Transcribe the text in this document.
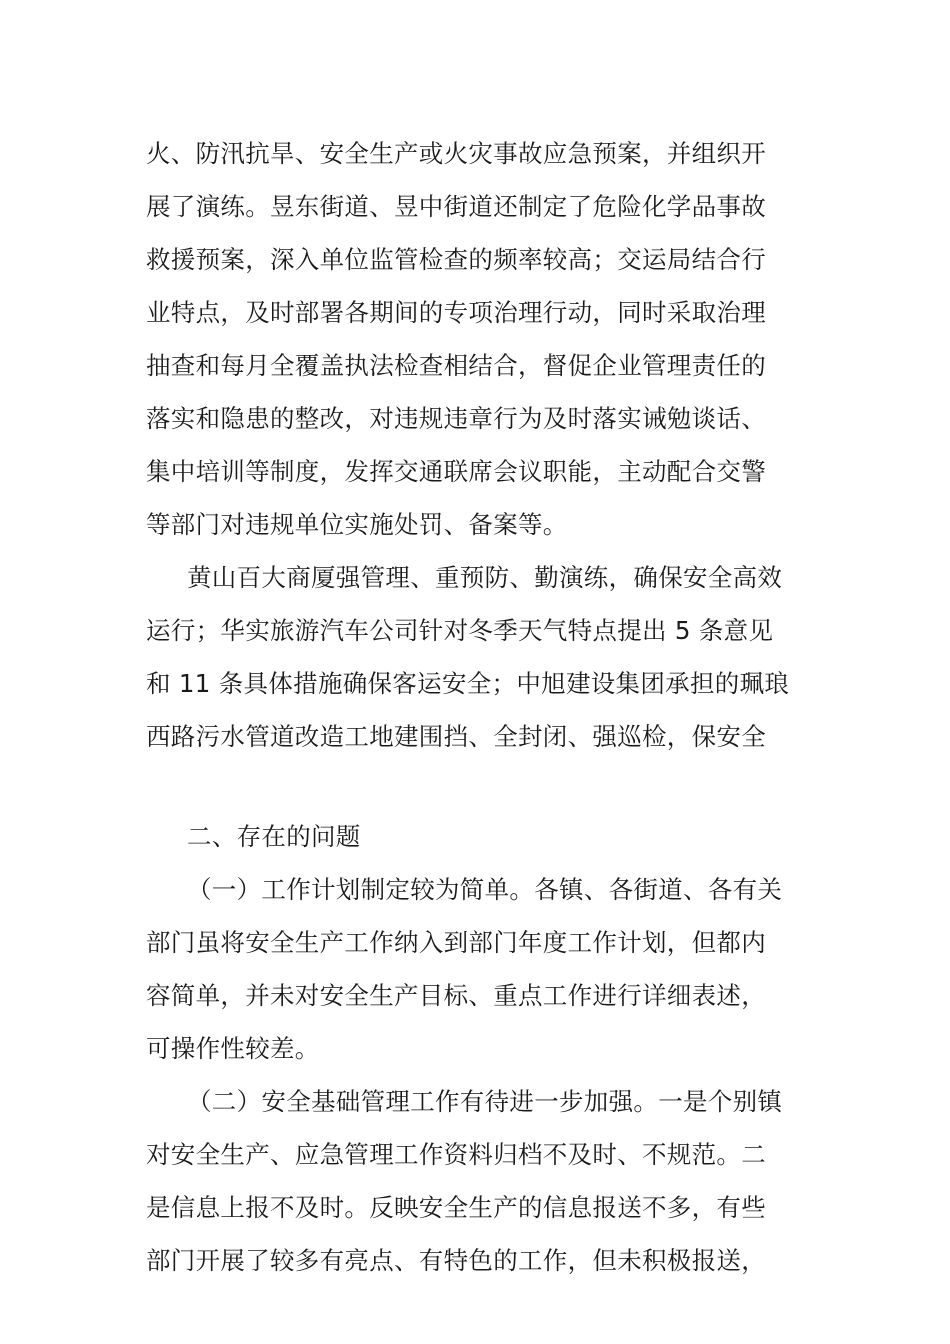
火、防汛抗旱、安全生产或火灾事故应急预案，并组织开
展了演练。昱东街道、昱中街道还制定了危险化学品事故
救援预案，深入单位监管检查的频率较高；交运局结合行
业特点，及时部署各期间的专项治理行动，同时采取治理
抽查和每月全覆盖执法检查相结合，督促企业管理责任的
落实和隐患的整改，对违规违章行为及时落实诫勉谈话、
集中培训等制度，发挥交通联席会议职能，主动配合交警
等部门对违规单位实施处罚、备案等。
黄山百大商厦强管理、重预防、勤演练，确保安全高效
运行；华实旅游汽车公司针对冬季天气特点提出 5 条意见
和 11 条具体措施确保客运安全；中旭建设集团承担的珮琅
西路污水管道改造工地建围挡、全封闭、强巡检，保安全
二、存在的问题
（一）工作计划制定较为简单。各镇、各街道、各有关
部门虽将安全生产工作纳入到部门年度工作计划，但都内
容简单，并未对安全生产目标、重点工作进行详细表述，
可操作性较差。
（二）安全基础管理工作有待进一步加强。一是个别镇
对安全生产、应急管理工作资料归档不及时、不规范。二
是信息上报不及时。反映安全生产的信息报送不多，有些
部门开展了较多有亮点、有特色的工作，但未积极报送，
